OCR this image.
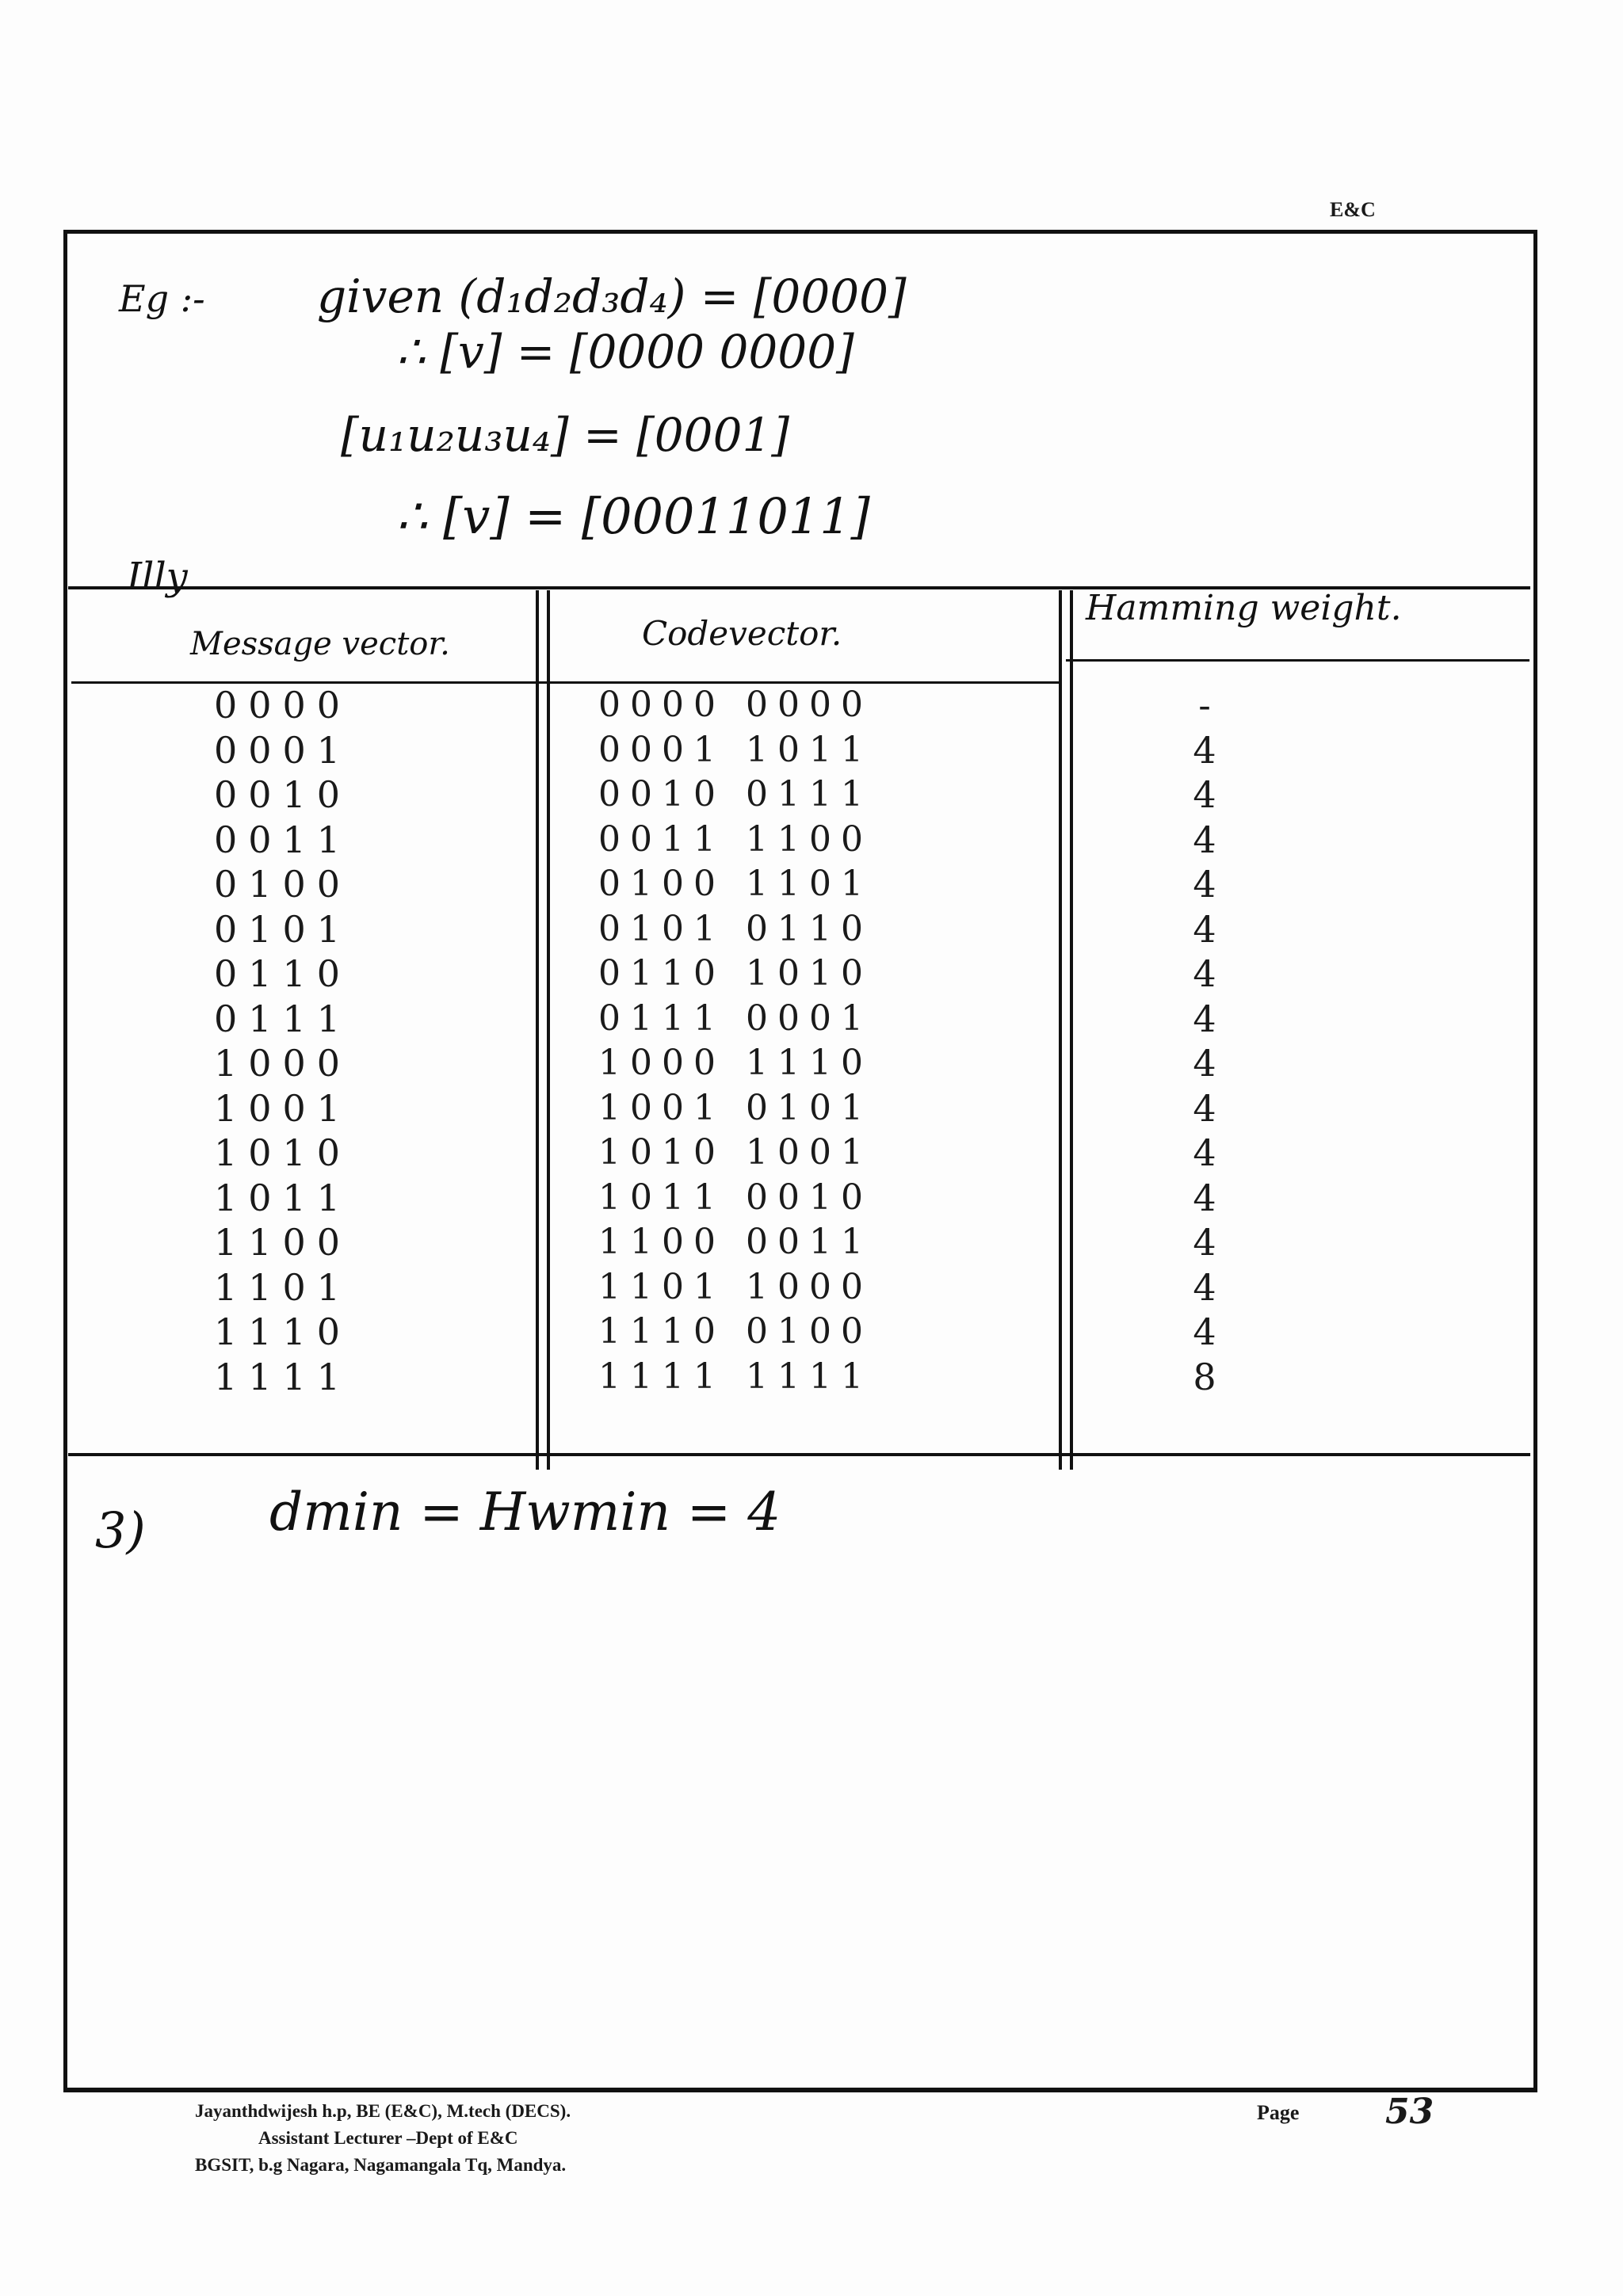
E&C
Eg :- given (d₁d₂d₃d₄) = [0000]
∴ [v] = [0000 0000]
[u₁u₂u₃u₄] = [0001]
∴ [v] = [00011011]
Illy
Message vector.	Codevector.
Hamming weight.
0000
0001
0010
0011
0100
0101
0110
0111
1000
1001
1010
1011
1100
1101
1110
1111
0000 0000
0001 1011
0010 0111
0011 1100
0100 1101
0101 0110
0110 1010
0111 0001
1000 1110
1001 0101
1010 1001
1011 0010
1100 0011
1101 1000
1110 0100
1111 1111
-
4
4
4
4
4
4
4
4
4
4
4
4
4
4
8
3) dmin = Hwmin = 4
Jayanthdwijesh h.p, BE (E&C), M.tech (DECS).
Assistant Lecturer –Dept of E&C
BGSIT, b.g Nagara, Nagamangala Tq, Mandya.
Page 53
